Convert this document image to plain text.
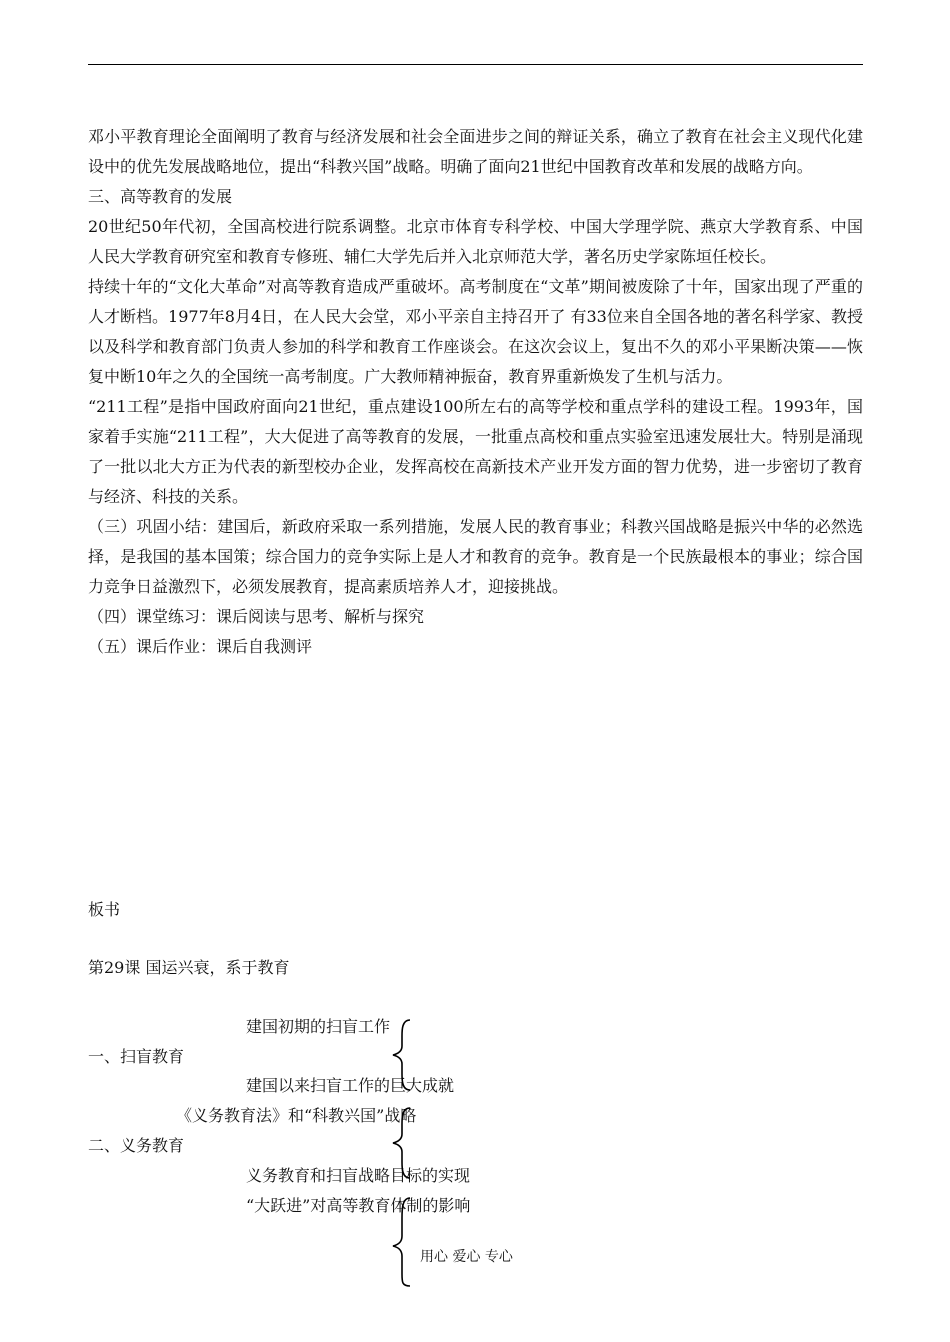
邓小平教育理论全面阐明了教育与经济发展和社会全面进步之间的辩证关系，确立了教育在社会主义现代化建设中的优先发展战略地位，提出“科教兴国”战略。明确了面向21世纪中国教育改革和发展的战略方向。

三、高等教育的发展

20世纪50年代初，全国高校进行院系调整。北京市体育专科学校、中国大学理学院、燕京大学教育系、中国人民大学教育研究室和教育专修班、辅仁大学先后并入北京师范大学，著名历史学家陈垣任校长。

持续十年的“文化大革命”对高等教育造成严重破坏。高考制度在“文革”期间被废除了十年，国家出现了严重的人才断档。1977年8月4日，在人民大会堂，邓小平亲自主持召开了 有33位来自全国各地的著名科学家、教授以及科学和教育部门负责人参加的科学和教育工作座谈会。在这次会议上，复出不久的邓小平果断决策——恢复中断10年之久的全国统一高考制度。广大教师精神振奋，教育界重新焕发了生机与活力。

“211工程”是指中国政府面向21世纪，重点建设100所左右的高等学校和重点学科的建设工程。1993年，国家着手实施“211工程”，大大促进了高等教育的发展，一批重点高校和重点实验室迅速发展壮大。特别是涌现了一批以北大方正为代表的新型校办企业，发挥高校在高新技术产业开发方面的智力优势，进一步密切了教育与经济、科技的关系。

（三）巩固小结：建国后，新政府采取一系列措施，发展人民的教育事业；科教兴国战略是振兴中华的必然选择，是我国的基本国策；综合国力的竞争实际上是人才和教育的竞争。教育是一个民族最根本的事业；综合国力竞争日益激烈下，必须发展教育，提高素质培养人才，迎接挑战。

（四）课堂练习：课后阅读与思考、解析与探究

（五）课后作业：课后自我测评

板书
第29课 国运兴衰，系于教育
建国初期的扫盲工作
一、扫盲教育
建国以来扫盲工作的巨大成就
《义务教育法》和“科教兴国”战略
二、义务教育
义务教育和扫盲战略目标的实现
“大跃进”对高等教育体制的影响
用心 爱心 专心
